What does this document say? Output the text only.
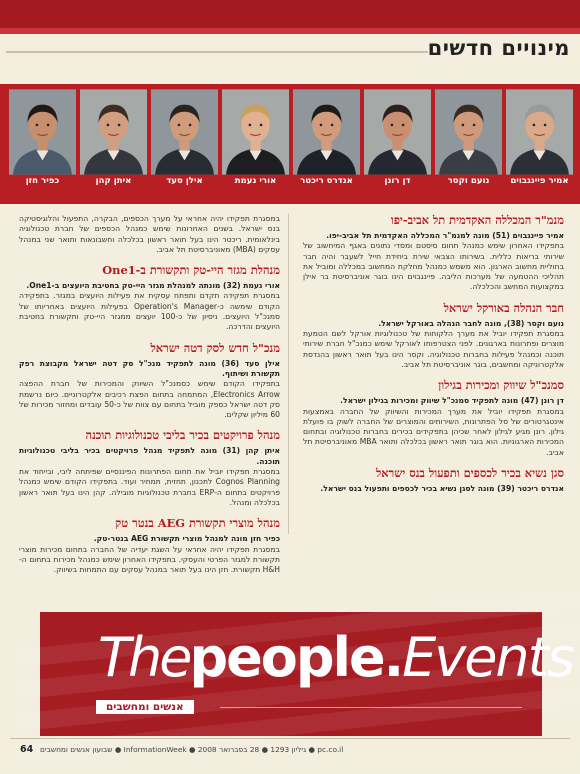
מינויים חדשים
אמיר פיינגבוים
נועם וקסר
דן רונן
אנדרס ריכטר
אורי נעמת
אילן סעד
איתן קהן
כפיר חזן
מנמ"ר המכללה האקדמית תל אביב-יפו

אמיר פיינגבוים (51) מונה למנמ"ר המכללה האקדמית תל אביב-יפו.

בתפקידו האחרון שימש כמנהל תחום סיסטם ומסדי נתונים באגף המיחשוב של שירותי בריאות כללית. בשירותו הצבאי שירת ביחידת חייל לשעבר והיה חבר בחוליית מחשוב הארגון. הוא משמש כמנהל מחלקת המחשוב במכללה ומוביל את תהליכי ההטמעה של מערכות הליבה. פיינגבוים הינו בוגר אוניברסיטת בר אילן במקצועות המחשב והכלכלה.

חבר הנהלה באורקל ישראל

נועם וקסר (38), מונה לחבר הנהלה באורקל ישראל.

במסגרת תפקידו יוביל את מערך הלקוחות של טכנולוגיות אורקל לשם הטמעת מוצרים ופתרונות בארגונים. לפני הצטרפותו לאורקל שימש כמנכ"ל חברת שירותי תוכנה וכמנהל פעילות בחברות טכנולוגיה. וקסר הינו בעל תואר ראשון בהנדסת אלקטרוניקה ומחשבים, בוגר אוניברסיטת תל אביב.

סמנכ"ל שיווק ומכירות בגילון

דן רונן (47) מונה לתפקיד סמנכ"ל שיווק ומכירות בגילון ישראל.

במסגרת תפקידו יוביל את מערך המכירות והשיווק של החברה באמצעות אינטגרטורים של סל הפתרונות, השירותים והמוצרים של החברה לשוק בו פועלת גילון. רונן מגיע לגילון לאחר שכיהן בתפקידים בכירים בחברות טכנולוגיה ובתחום המכירות הארגוניות. הוא בוגר תואר ראשון בכלכלה ותואר MBA מאוניברסיטת תל אביב.

סגן נשיא בכיר לכספים ותפעול בנס ישראל

אנדרס ריכטר (39) מונה לסגן נשיא בכיר לכספים ותפעול בנס ישראל.

במסגרת תפקידו יהיה אחראי על מערך הכספים, הבקרה, התפעול והלוגיסטיקה בנס ישראל. בשנים האחרונות שימש כמנהל הכספים של חברת טכנולוגיה בינלאומית. ריכטר הינו בעל תואר ראשון בכלכלה וחשבונאות ותואר שני במנהל עסקים (MBA) מאוניברסיטת תל אביב.

מנהלת מגזר היי-טק ותקשורת ב-One1

אורי נעמת (32) מונתה למנהלת מגזר היי-טק בחטיבת היועצים ב-One1.

במסגרת תפקידה תקדם ותפתח עסקית את פעילות היועצים במגזר. בתפקידה הקודם שימשה כ-Operation's Manager בפעילות היועצים באחריותו של סמנכ"ל היועצים. ניסיון של כ-100 יועצים ממגזר היי-טק ותקשורת בחטיבת היועצים והדרכה.

מנכ"ל חדש לסק דטה ישראל

אילן סעד (36) מונה לתפקיד מנכ"ל סק דטה ישראל מקבוצת רפק תקשורת ושיתוף.

בתפקידו הקודם שימש כסמנכ"ל השיווק והמכירות של חברת ההפצה Electronics Arrow, המתמחה בתחום הפצת רכיבים אלקטרוניים. כיום נרשמת סק דטה ישראל כספק מוביל בתחום עם צוות של כ-50 עובדים ומחזור מכירות של 60 מיליון שקלים.

מנהל פרויקטים בכיר בליבי טכנולוגיות תוכנה

איתן קהן (31) מונה לתפקיד מנהל פרויקטים בכיר בליבי טכנולוגיות תוכנה.

במסגרת תפקידו יוביל את תחום הפתרונות הפיננסיים שפיתחה ליבי, ובייחוד את Cognos Planning לתכנון, תחזית, תמחיר ועוד. בתפקידו הקודם שימש כמנהל פרויקטים בתחום ה-ERP בחברת טכנולוגיות מובילה. קהן הינו בעל תואר ראשון בכלכלה ומנהל.

מנהל מוצרי תקשורת AEG בנטר טק

כפיר חזן מונה למנהל מוצרי תקשורת AEG בנטר-טק.

במסגרת תפקידו יהיה אחראי על השגת יעדיה של החברה בתחום מכירות מוצרי תקשורת למגזר הפרטי והעסקי. בתפקידו האחרון שימש כמנהל מכירות בתחום ה-H&H תקשורת. חזן הינו בעל תואר במנהל עסקים עם התמחות בשיווק.

Thepeople.Events
אנשים ומחשבים
64 שבועון אנשים ומחשבים ● InformationWeek ● גיליון 1293 ● 28 בפברואר 2008 ● pc.co.il
